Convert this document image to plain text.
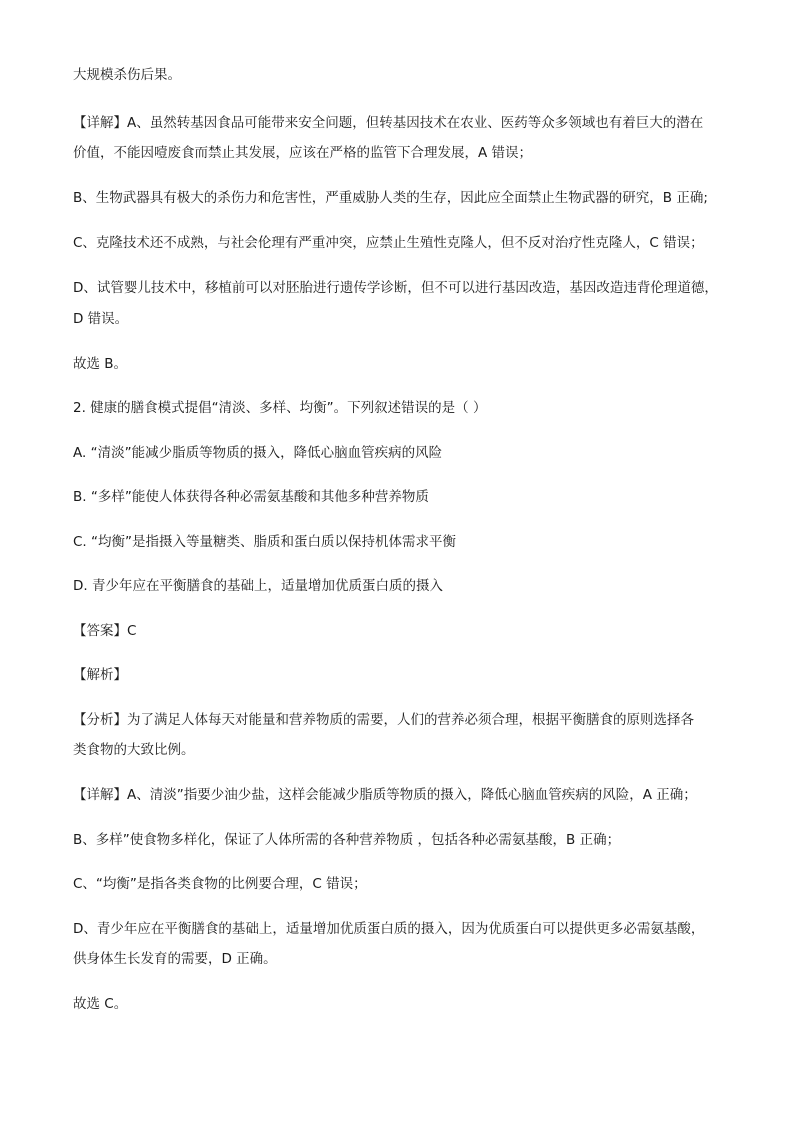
大规模杀伤后果。
【详解】A、虽然转基因食品可能带来安全问题，但转基因技术在农业、医药等众多领域也有着巨大的潜在
价值，不能因噎废食而禁止其发展，应该在严格的监管下合理发展，A 错误；
B、生物武器具有极大的杀伤力和危害性，严重威胁人类的生存，因此应全面禁止生物武器的研究，B 正确;
C、克隆技术还不成熟，与社会伦理有严重冲突，应禁止生殖性克隆人，但不反对治疗性克隆人，C 错误；
D、试管婴儿技术中，移植前可以对胚胎进行遗传学诊断，但不可以进行基因改造，基因改造违背伦理道德，
D 错误。
故选 B。
2. 健康的膳食模式提倡“清淡、多样、均衡”。下列叙述错误的是（ ）
A. “清淡”能减少脂质等物质的摄入，降低心脑血管疾病的风险
B. “多样”能使人体获得各种必需氨基酸和其他多种营养物质
C. “均衡”是指摄入等量糖类、脂质和蛋白质以保持机体需求平衡
D. 青少年应在平衡膳食的基础上，适量增加优质蛋白质的摄入
【答案】C
【解析】
【分析】为了满足人体每天对能量和营养物质的需要，人们的营养必须合理，根据平衡膳食的原则选择各
类食物的大致比例。
【详解】A、清淡”指要少油少盐，这样会能减少脂质等物质的摄入，降低心脑血管疾病的风险，A 正确；
B、多样”使食物多样化，保证了人体所需的各种营养物质 ，包括各种必需氨基酸，B 正确；
C、“均衡”是指各类食物的比例要合理，C 错误；
D、青少年应在平衡膳食的基础上，适量增加优质蛋白质的摄入，因为优质蛋白可以提供更多必需氨基酸，
供身体生长发育的需要，D 正确。
故选 C。
